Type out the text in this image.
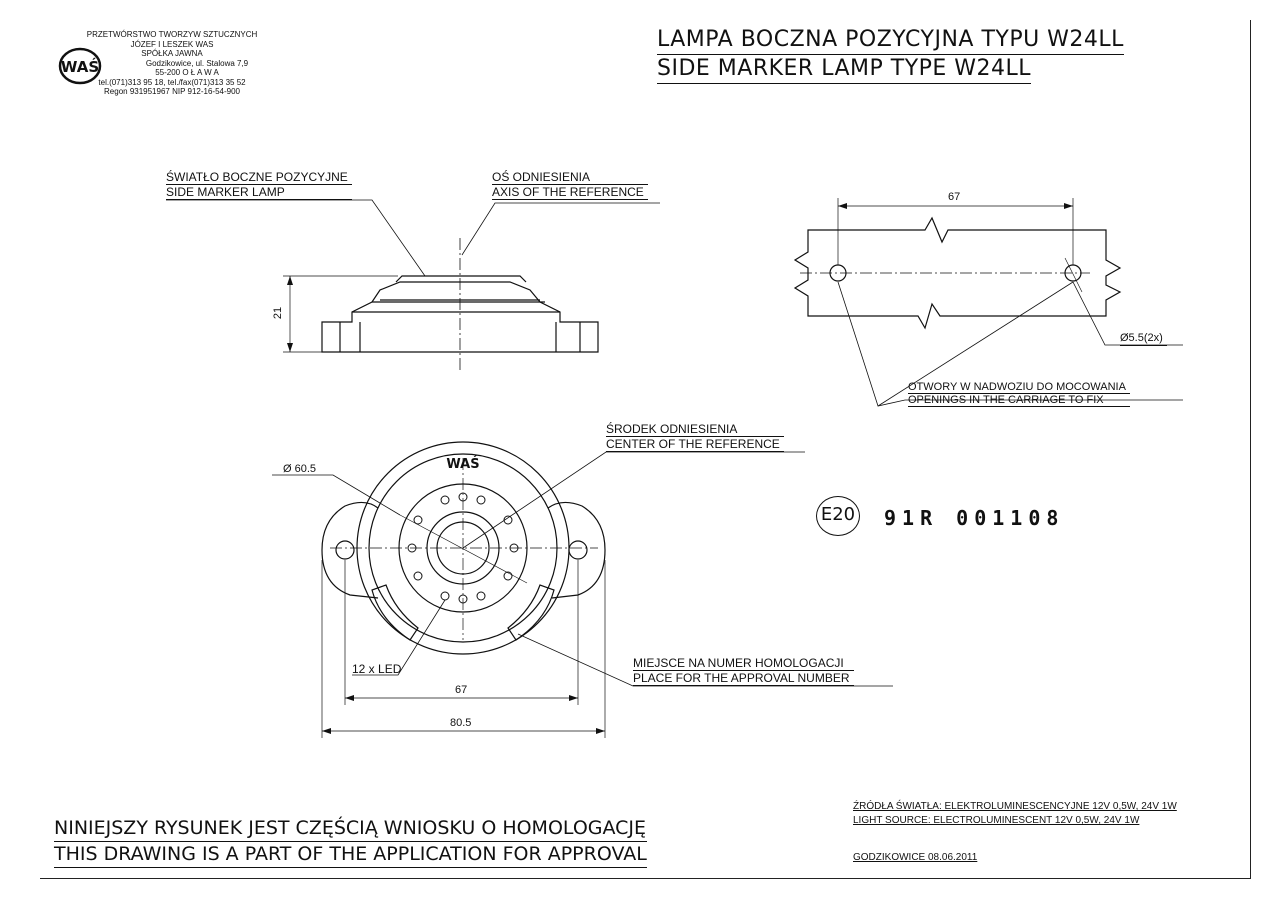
PRZETWÓRSTWO TWORZYW SZTUCZNYCH
JÓZEF I LESZEK WAS
SPÓŁKA JAWNA
Godzikowice, ul. Stalowa 7,9
55-200 O Ł A W A
tel.(071)313 95 18, tel./fax(071)313 35 52
Regon 931951967 NIP 912-16-54-900
WAŚ
LAMPA BOCZNA POZYCYJNA TYPU W24LL
SIDE MARKER LAMP TYPE W24LL
WAŚ
ŚWIATŁO BOCZNE POZYCYJNE
SIDE MARKER LAMP
OŚ ODNIESIENIA
AXIS OF THE REFERENCE
21
67
Ø5.5(2x)
OTWORY W NADWOZIU DO MOCOWANIA
OPENINGS IN THE CARRIAGE TO FIX
ŚRODEK ODNIESIENIA
CENTER OF THE REFERENCE
Ø 60.5
12 x LED	MIEJSCE NA NUMER HOMOLOGACJI
PLACE FOR THE APPROVAL NUMBER
67
80.5
E20 91R 001108
NINIEJSZY RYSUNEK JEST CZĘŚCIĄ WNIOSKU O HOMOLOGACJĘ
THIS DRAWING IS A PART OF THE APPLICATION FOR APPROVAL
ŹRÓDŁA ŚWIATŁA: ELEKTROLUMINESCENCYJNE 12V 0,5W, 24V 1W
LIGHT SOURCE: ELECTROLUMINESCENT 12V 0,5W, 24V 1W
GODZIKOWICE 08.06.2011
